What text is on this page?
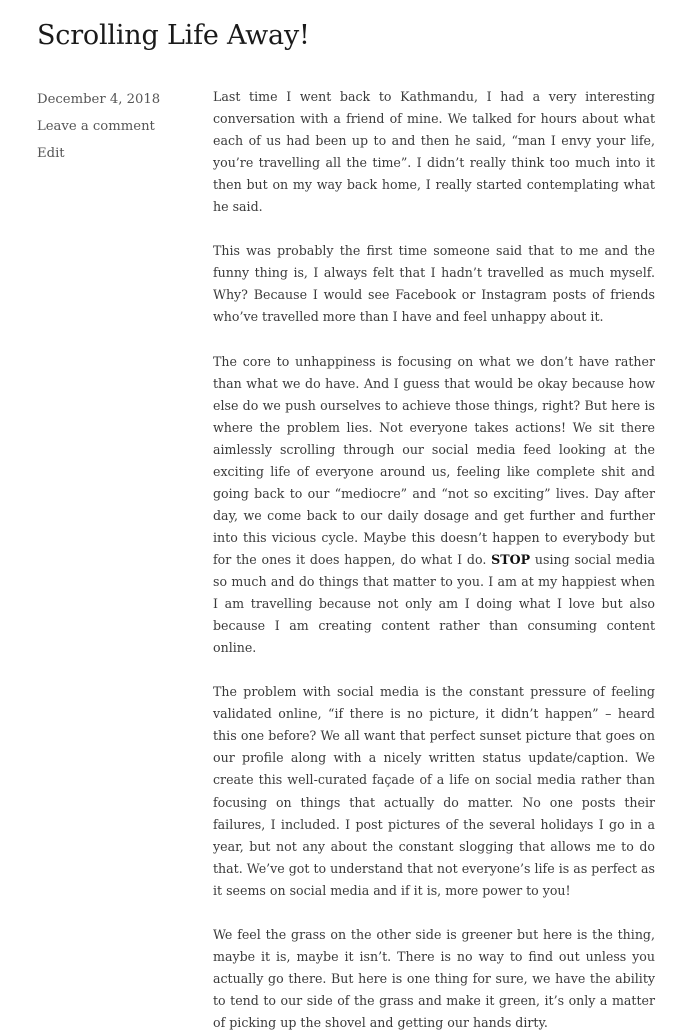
Scrolling Life Away!
December 4, 2018
Leave a comment
Edit

Last time I went back to Kathmandu, I had a very interesting conversation with a friend of mine. We talked for hours about what each of us had been up to and then he said, “man I envy your life, you’re travelling all the time”. I didn’t really think too much into it then but on my way back home, I really started contemplating what he said.

This was probably the first time someone said that to me and the funny thing is, I always felt that I hadn’t travelled as much myself. Why? Because I would see Facebook or Instagram posts of friends who’ve travelled more than I have and feel unhappy about it.

The core to unhappiness is focusing on what we don’t have rather than what we do have. And I guess that would be okay because how else do we push ourselves to achieve those things, right? But here is where the problem lies. Not everyone takes actions! We sit there aimlessly scrolling through our social media feed looking at the exciting life of everyone around us, feeling like complete shit and going back to our “mediocre” and “not so exciting” lives. Day after day, we come back to our daily dosage and get further and further into this vicious cycle. Maybe this doesn’t happen to everybody but for the ones it does happen, do what I do. STOP using social media so much and do things that matter to you. I am at my happiest when I am travelling because not only am I doing what I love but also because I am creating content rather than consuming content online.

The problem with social media is the constant pressure of feeling validated online, “if there is no picture, it didn’t happen” – heard this one before? We all want that perfect sunset picture that goes on our profile along with a nicely written status update/caption. We create this well-curated façade of a life on social media rather than focusing on things that actually do matter. No one posts their failures, I included. I post pictures of the several holidays I go in a year, but not any about the constant slogging that allows me to do that. We’ve got to understand that not everyone’s life is as perfect as it seems on social media and if it is, more power to you!

We feel the grass on the other side is greener but here is the thing, maybe it is, maybe it isn’t. There is no way to find out unless you actually go there. But here is one thing for sure, we have the ability to tend to our side of the grass and make it green, it’s only a matter of picking up the shovel and getting our hands dirty.
